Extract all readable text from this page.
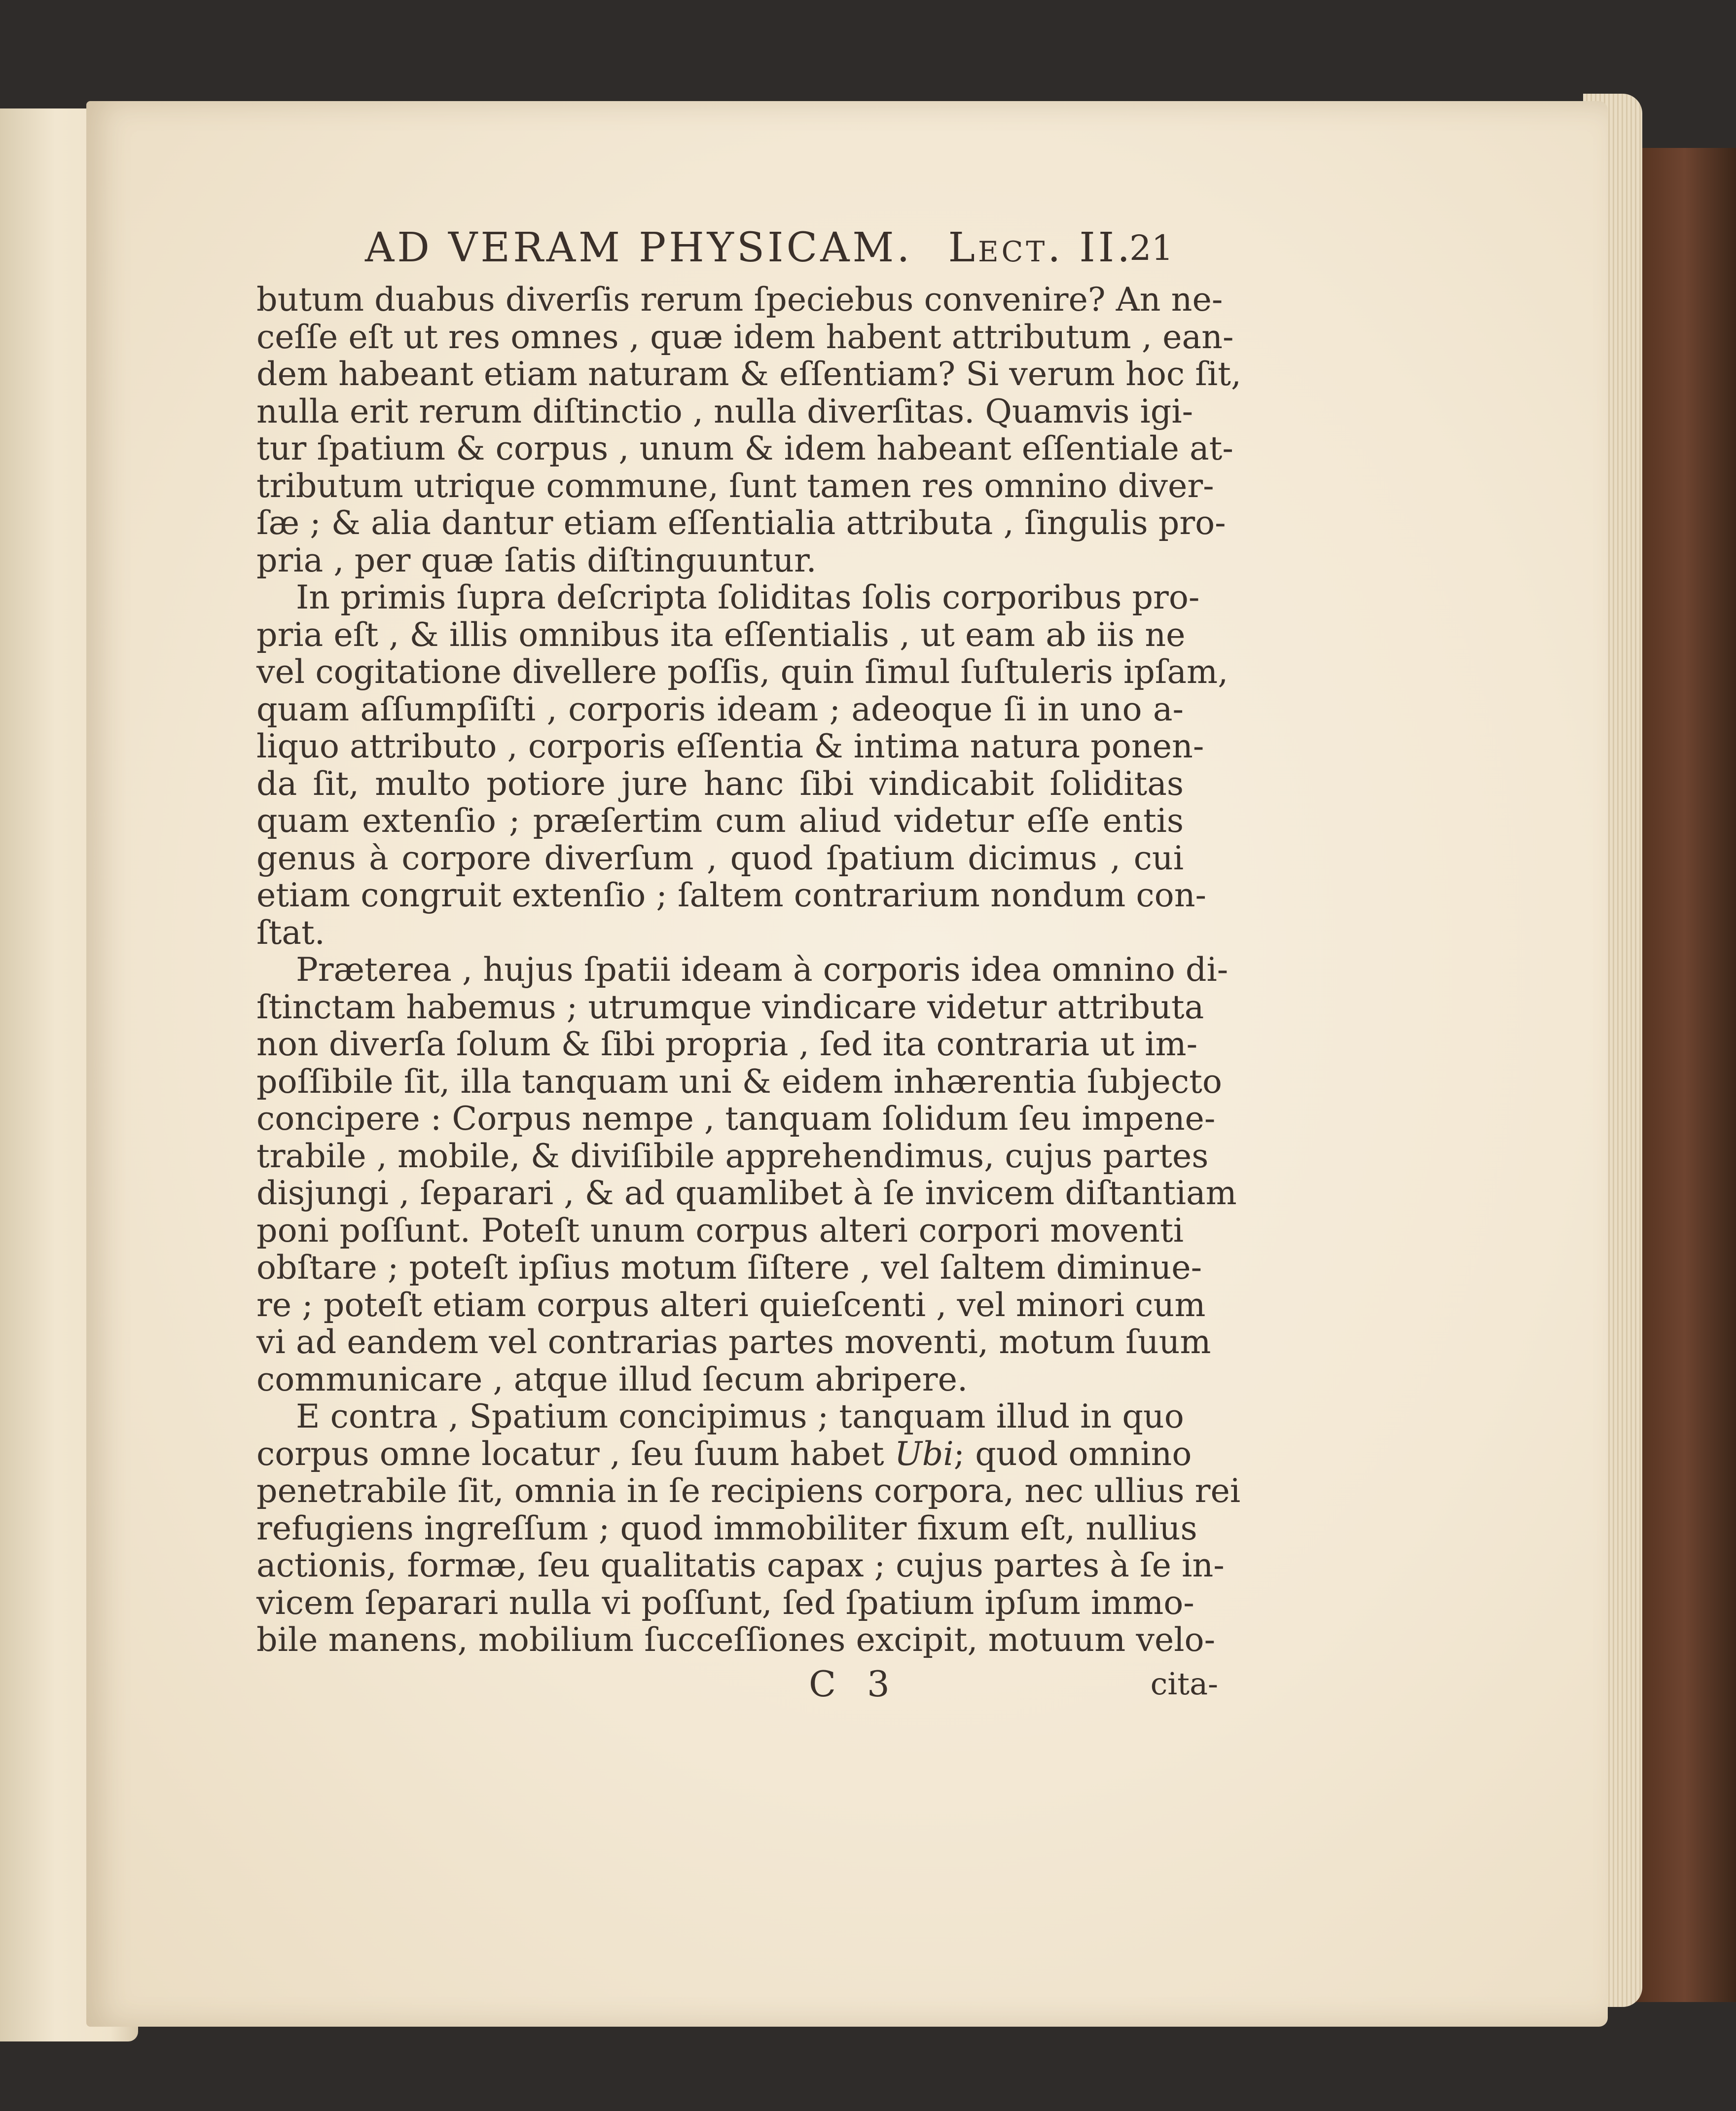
AD VERAM PHYSICAM. Lect. II.
21
butum duabus diverſis rerum ſpeciebus convenire? An ne-
ceſſe eſt ut res omnes , quæ idem habent attributum , ean-
dem habeant etiam naturam & eſſentiam? Si verum hoc ſit,
nulla erit rerum diſtinctio , nulla diverſitas. Quamvis igi-
tur ſpatium & corpus , unum & idem habeant eſſentiale at-
tributum utrique commune, ſunt tamen res omnino diver-
ſæ ; & alia dantur etiam eſſentialia attributa , ſingulis pro-
pria , per quæ ſatis diſtinguuntur.
In primis ſupra deſcripta ſoliditas ſolis corporibus pro-
pria eſt , & illis omnibus ita eſſentialis , ut eam ab iis ne
vel cogitatione divellere poſſis, quin ſimul ſuſtuleris ipſam,
quam aſſumpſiſti , corporis ideam ; adeoque ſi in uno a-
liquo attributo , corporis eſſentia & intima natura ponen-
da ſit, multo potiore jure hanc ſibi vindicabit ſoliditas
quam extenſio ; præſertim cum aliud videtur eſſe entis
genus à corpore diverſum , quod ſpatium dicimus , cui
etiam congruit extenſio ; ſaltem contrarium nondum con-
ſtat.
Præterea , hujus ſpatii ideam à corporis idea omnino di-
ſtinctam habemus ; utrumque vindicare videtur attributa
non diverſa ſolum & ſibi propria , ſed ita contraria ut im-
poſſibile ſit, illa tanquam uni & eidem inhærentia ſubjecto
concipere : Corpus nempe , tanquam ſolidum ſeu impene-
trabile , mobile, & diviſibile apprehendimus, cujus partes
disjungi , ſeparari , & ad quamlibet à ſe invicem diſtantiam
poni poſſunt. Poteſt unum corpus alteri corpori moventi
obſtare ; poteſt ipſius motum ſiſtere , vel ſaltem diminue-
re ; poteſt etiam corpus alteri quieſcenti , vel minori cum
vi ad eandem vel contrarias partes moventi, motum ſuum
communicare , atque illud ſecum abripere.
E contra , Spatium concipimus ; tanquam illud in quo
corpus omne locatur , ſeu ſuum habet Ubi; quod omnino
penetrabile ſit, omnia in ſe recipiens corpora, nec ullius rei
refugiens ingreſſum ; quod immobiliter fixum eſt, nullius
actionis, formæ, ſeu qualitatis capax ; cujus partes à ſe in-
vicem ſeparari nulla vi poſſunt, ſed ſpatium ipſum immo-
bile manens, mobilium ſucceſſiones excipit, motuum velo-
C 3	cita-
